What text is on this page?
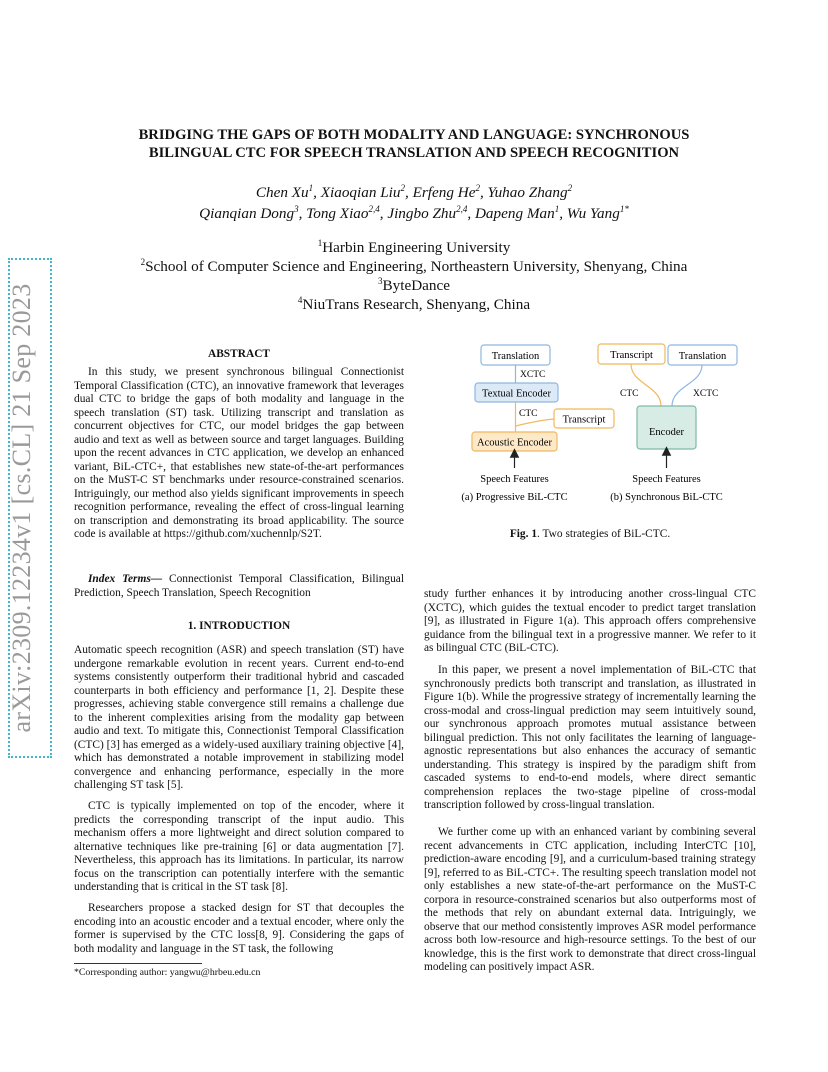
arXiv:2309.12234v1 [cs.CL] 21 Sep 2023
BRIDGING THE GAPS OF BOTH MODALITY AND LANGUAGE: SYNCHRONOUS
BILINGUAL CTC FOR SPEECH TRANSLATION AND SPEECH RECOGNITION
Chen Xu$^1$, Xiaoqian Liu$^2$, Erfeng He$^2$, Yuhao Zhang$^2$
Qianqian Dong$^3$, Tong Xiao$^{2,4}$, Jingbo Zhu$^{2,4}$, Dapeng Man$^1$, Wu Yang$^{1*}$
$^1$Harbin Engineering University
$^2$School of Computer Science and Engineering, Northeastern University, Shenyang, China
$^3$ByteDance
$^4$NiuTrans Research, Shenyang, China
ABSTRACT
In this study, we present synchronous bilingual Connectionist Temporal Classification (CTC), an innovative framework that leverages dual CTC to bridge the gaps of both modality and language in the speech translation (ST) task. Utilizing transcript and translation as concurrent objectives for CTC, our model bridges the gap between audio and text as well as between source and target languages. Building upon the recent advances in CTC application, we develop an enhanced variant, BiL-CTC+, that establishes new state-of-the-art performances on the MuST-C ST benchmarks under resource-constrained scenarios. Intriguingly, our method also yields significant improvements in speech recognition performance, revealing the effect of cross-lingual learning on transcription and demonstrating its broad applicability. The source code is available at https://github.com/xuchennlp/S2T.
Index Terms— Connectionist Temporal Classification, Bilingual Prediction, Speech Translation, Speech Recognition
1. INTRODUCTION
Automatic speech recognition (ASR) and speech translation (ST) have undergone remarkable evolution in recent years. Current end-to-end systems consistently outperform their traditional hybrid and cascaded counterparts in both efficiency and performance [1, 2]. Despite these progresses, achieving stable convergence still remains a challenge due to the inherent complexities arising from the modality gap between audio and text. To mitigate this, Connectionist Temporal Classification (CTC) [3] has emerged as a widely-used auxiliary training objective [4], which has demonstrated a notable improvement in stabilizing model convergence and enhancing performance, especially in the more challenging ST task [5].
CTC is typically implemented on top of the encoder, where it predicts the corresponding transcript of the input audio. This mechanism offers a more lightweight and direct solution compared to alternative techniques like pre-training [6] or data augmentation [7]. Nevertheless, this approach has its limitations. In particular, its narrow focus on the transcription can potentially interfere with the semantic understanding that is critical in the ST task [8].
Researchers propose a stacked design for ST that decouples the encoding into an acoustic encoder and a textual encoder, where only the former is supervised by the CTC loss[8, 9]. Considering the gaps of both modality and language in the ST task, the following
*Corresponding author: yangwu@hrbeu.edu.cn
Translation
XCTC
Textual Encoder
CTC
Transcript
Acoustic Encoder
Speech Features
(a) Progressive BiL-CTC
Transcript Translation
CTC	XCTC
Encoder
Speech Features
(b) Synchronous BiL-CTC
Fig. 1. Two strategies of BiL-CTC.
study further enhances it by introducing another cross-lingual CTC (XCTC), which guides the textual encoder to predict target translation [9], as illustrated in Figure 1(a). This approach offers comprehensive guidance from the bilingual text in a progressive manner. We refer to it as bilingual CTC (BiL-CTC).
In this paper, we present a novel implementation of BiL-CTC that synchronously predicts both transcript and translation, as illustrated in Figure 1(b). While the progressive strategy of incrementally learning the cross-modal and cross-lingual prediction may seem intuitively sound, our synchronous approach promotes mutual assistance between bilingual prediction. This not only facilitates the learning of language-agnostic representations but also enhances the accuracy of semantic understanding. This strategy is inspired by the paradigm shift from cascaded systems to end-to-end models, where direct semantic comprehension replaces the two-stage pipeline of cross-modal transcription followed by cross-lingual translation.
We further come up with an enhanced variant by combining several recent advancements in CTC application, including InterCTC [10], prediction-aware encoding [9], and a curriculum-based training strategy [9], referred to as BiL-CTC+. The resulting speech translation model not only establishes a new state-of-the-art performance on the MuST-C corpora in resource-constrained scenarios but also outperforms most of the methods that rely on abundant external data. Intriguingly, we observe that our method consistently improves ASR model performance across both low-resource and high-resource settings. To the best of our knowledge, this is the first work to demonstrate that direct cross-lingual modeling can positively impact ASR.
